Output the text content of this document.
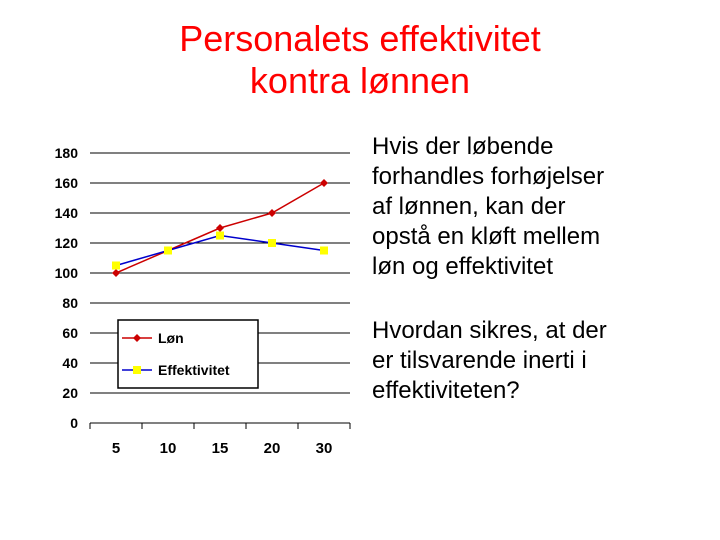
Personalets effektivitet
kontra lønnen
0
20
40
60
80
100
120
140
160
180
5	10 15 20 30
Løn
Effektivitet
Hvis der løbende
forhandles forhøjelser
af lønnen, kan der
opstå en kløft mellem
løn og effektivitet
Hvordan sikres, at der
er tilsvarende inerti i
effektiviteten?
